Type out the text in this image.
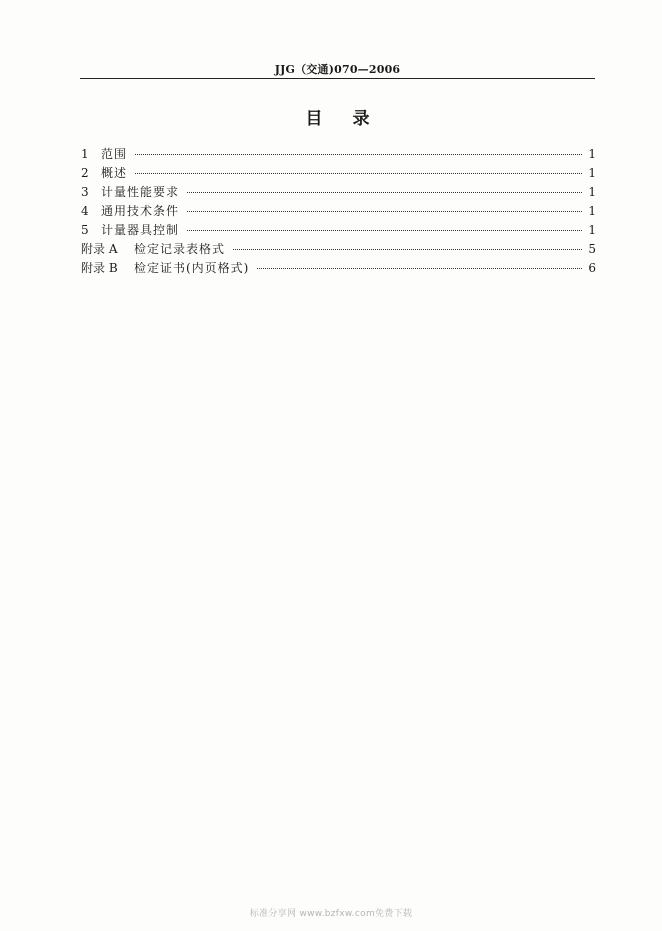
JJG（交通)070—2006
目录
1	范围	1
2	概述	1
3	计量性能要求	1
4	通用技术条件	1
5	计量器具控制	1
附录 A	检定记录表格式	5
附录 B	检定证书(内页格式)	6
标准分享网 www.bzfxw.com免费下载
